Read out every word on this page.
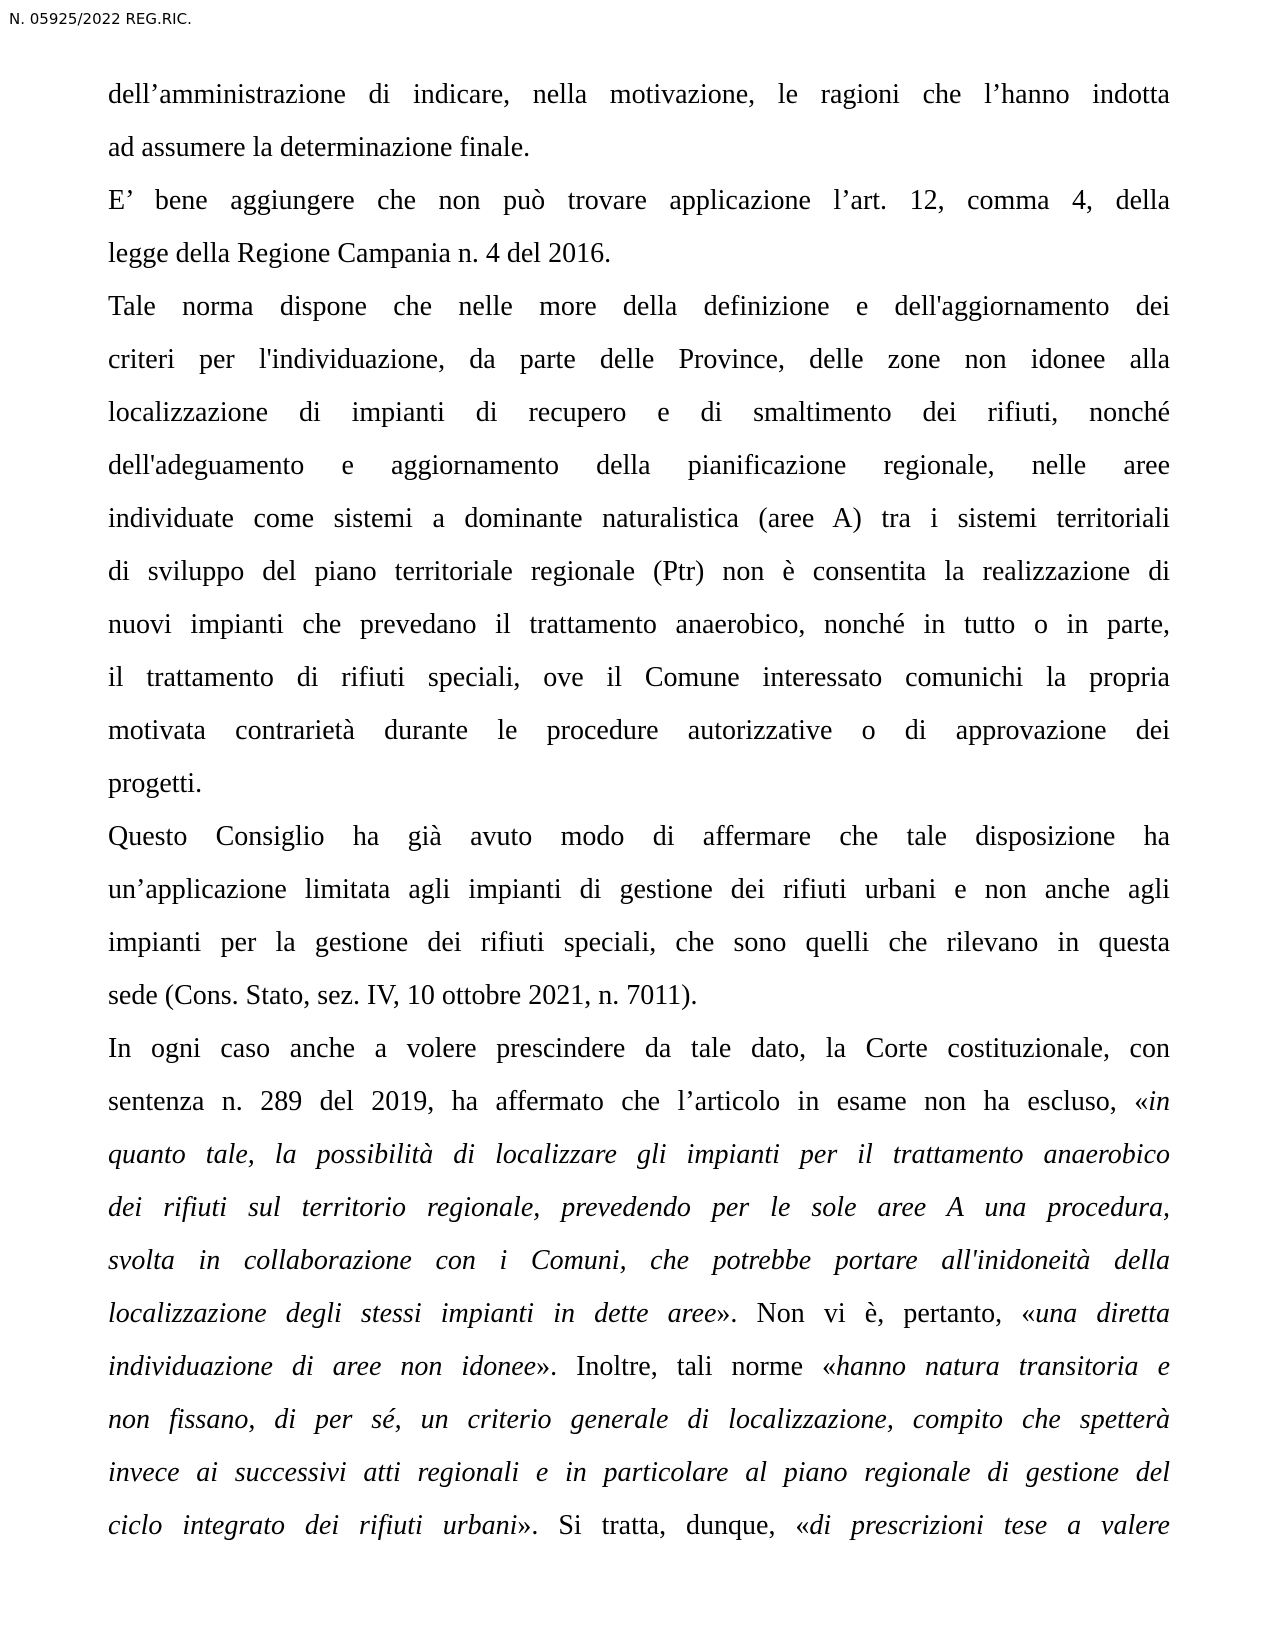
N. 05925/2022 REG.RIC.
dell’amministrazione di indicare, nella motivazione, le ragioni che l’hanno indotta
ad assumere la determinazione finale.
E’ bene aggiungere che non può trovare applicazione l’art. 12, comma 4, della
legge della Regione Campania n. 4 del 2016.
Tale norma dispone che nelle more della definizione e dell'aggiornamento dei
criteri per l'individuazione, da parte delle Province, delle zone non idonee alla
localizzazione di impianti di recupero e di smaltimento dei rifiuti, nonché
dell'adeguamento e aggiornamento della pianificazione regionale, nelle aree
individuate come sistemi a dominante naturalistica (aree A) tra i sistemi territoriali
di sviluppo del piano territoriale regionale (Ptr) non è consentita la realizzazione di
nuovi impianti che prevedano il trattamento anaerobico, nonché in tutto o in parte,
il trattamento di rifiuti speciali, ove il Comune interessato comunichi la propria
motivata contrarietà durante le procedure autorizzative o di approvazione dei
progetti.
Questo Consiglio ha già avuto modo di affermare che tale disposizione ha
un’applicazione limitata agli impianti di gestione dei rifiuti urbani e non anche agli
impianti per la gestione dei rifiuti speciali, che sono quelli che rilevano in questa
sede (Cons. Stato, sez. IV, 10 ottobre 2021, n. 7011).
In ogni caso anche a volere prescindere da tale dato, la Corte costituzionale, con
sentenza n. 289 del 2019, ha affermato che l’articolo in esame non ha escluso, «in
quanto tale, la possibilità di localizzare gli impianti per il trattamento anaerobico
dei rifiuti sul territorio regionale, prevedendo per le sole aree A una procedura,
svolta in collaborazione con i Comuni, che potrebbe portare all'inidoneità della
localizzazione degli stessi impianti in dette aree». Non vi è, pertanto, «una diretta
individuazione di aree non idonee». Inoltre, tali norme «hanno natura transitoria e
non fissano, di per sé, un criterio generale di localizzazione, compito che spetterà
invece ai successivi atti regionali e in particolare al piano regionale di gestione del
ciclo integrato dei rifiuti urbani». Si tratta, dunque, «di prescrizioni tese a valere
